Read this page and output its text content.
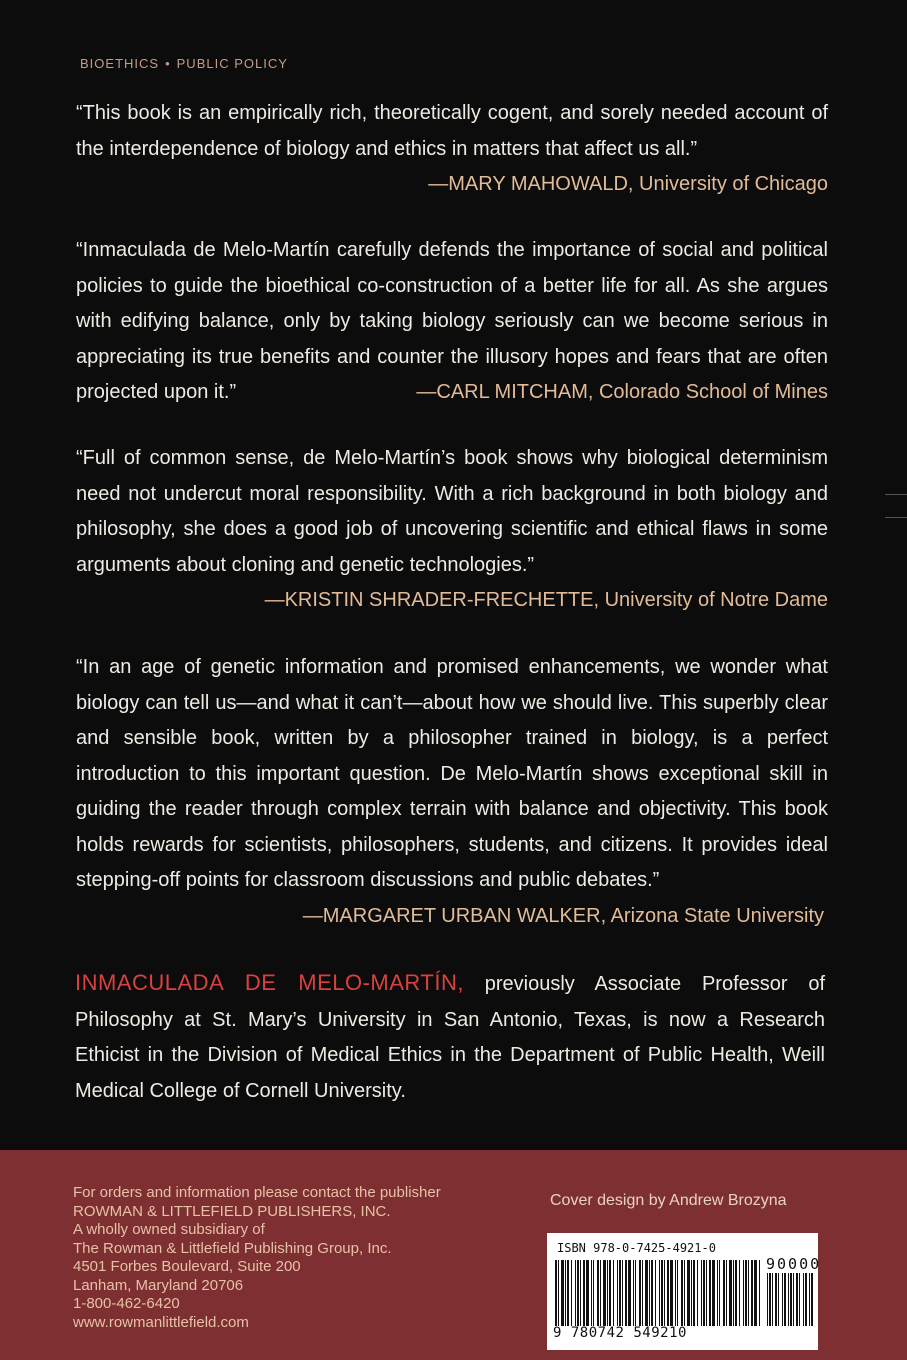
BIOETHICS • PUBLIC POLICY

“This book is an empirically rich, theoretically cogent, and sorely needed account of the interdependence of biology and ethics in matters that affect us all.”

—MARY MAHOWALD, University of Chicago

“Inmaculada de Melo-Martín carefully defends the importance of social and political policies to guide the bioethical co-construction of a better life for all. As she argues with edifying balance, only by taking biology seriously can we become serious in appreciating its true benefits and counter the illusory hopes and fears that are often projected upon it.”	—CARL MITCHAM, Colorado School of Mines

“Full of common sense, de Melo-Martín’s book shows why biological determinism need not undercut moral responsibility. With a rich background in both biology and philosophy, she does a good job of uncovering scientific and ethical flaws in some arguments about cloning and genetic technologies.”

—KRISTIN SHRADER-FRECHETTE, University of Notre Dame

“In an age of genetic information and promised enhancements, we wonder what biology can tell us—and what it can’t—about how we should live. This superbly clear and sensible book, written by a philosopher trained in biology, is a perfect introduction to this important question. De Melo-Martín shows exceptional skill in guiding the reader through complex terrain with balance and objectivity. This book holds rewards for scientists, philosophers, students, and citizens. It provides ideal stepping-off points for classroom discussions and public debates.”

—MARGARET URBAN WALKER, Arizona State University
INMACULADA DE MELO-MARTÍN, previously Associate Professor of Philosophy at St. Mary’s University in San Antonio, Texas, is now a Research Ethicist in the Division of Medical Ethics in the Department of Public Health, Weill Medical College of Cornell University.
For orders and information please contact the publisher
ROWMAN & LITTLEFIELD PUBLISHERS, INC.
A wholly owned subsidiary of
The Rowman & Littlefield Publishing Group, Inc.
4501 Forbes Boulevard, Suite 200
Lanham, Maryland 20706
1-800-462-6420
www.rowmanlittlefield.com
Cover design by Andrew Brozyna
ISBN 978-0-7425-4921-0
90000
9 780742 549210
